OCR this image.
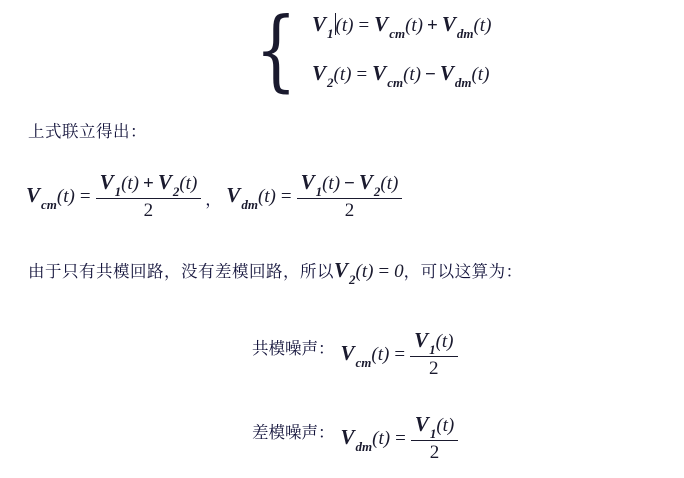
{ $V_1$ $(t) = V_{cm}(t) + V_{dm}(t)$
$V_2(t) = V_{cm}(t) - V_{dm}(t)$
上式联立得出：
$V_{cm}(t) = \frac{V_1(t) + V_2(t)}{2}$ ， $V_{dm}(t) = \frac{V_1(t) - V_2(t)}{2}$
由于只有共模回路，没有差模回路，所以$V_2(t) = 0$，可以这算为：
共模噪声： $V_{cm}(t) = \frac{V_1(t)}{2}$
差模噪声： $V_{dm}(t) = \frac{V_1(t)}{2}$
